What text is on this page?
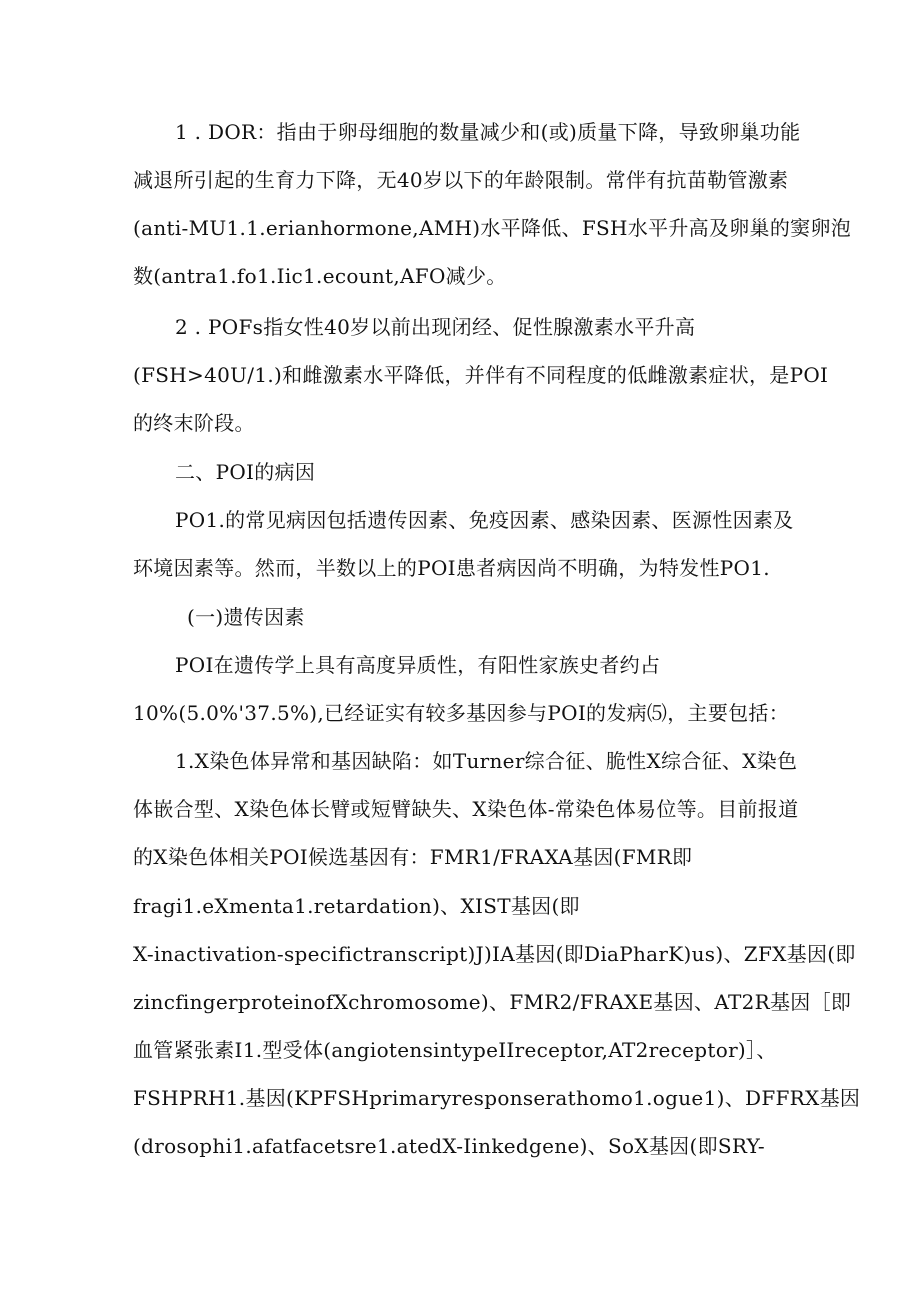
1 . DOR：指由于卵母细胞的数量减少和(或)质量下降，导致卵巢功能
减退所引起的生育力下降，无40岁以下的年龄限制。常伴有抗苗勒管激素
(anti-MU1.1.erianhormone,AMH)水平降低、FSH水平升高及卵巢的窦卵泡
数(antra1.fo1.Iic1.ecount,AFO减少。
2 . POFs指女性40岁以前出现闭经、促性腺激素水平升高
(FSH>40U/1.)和雌激素水平降低，并伴有不同程度的低雌激素症状，是POI
的终末阶段。
二、POI的病因
PO1.的常见病因包括遗传因素、免疫因素、感染因素、医源性因素及
环境因素等。然而，半数以上的POI患者病因尚不明确，为特发性PO1.
(一)遗传因素
POI在遗传学上具有高度异质性，有阳性家族史者约占
10%(5.0%'37.5%),已经证实有较多基因参与POI的发病⑸，主要包括：
1.X染色体异常和基因缺陷：如Turner综合征、脆性X综合征、X染色
体嵌合型、X染色体长臂或短臂缺失、X染色体-常染色体易位等。目前报道
的X染色体相关POI候选基因有：FMR1/FRAXA基因(FMR即
fragi1.eXmenta1.retardation)、XIST基因(即
X-inactivation-specifictranscript)J)IA基因(即DiaPharK)us)、ZFX基因(即
zincfingerproteinofXchromosome)、FMR2/FRAXE基因、AT2R基因［即
血管紧张素I1.型受体(angiotensintypeIIreceptor,AT2receptor)］、
FSHPRH1.基因(KPFSHprimaryresponserathomo1.ogue1)、DFFRX基因
(drosophi1.afatfacetsre1.atedX-Iinkedgene)、SoX基因(即SRY-
